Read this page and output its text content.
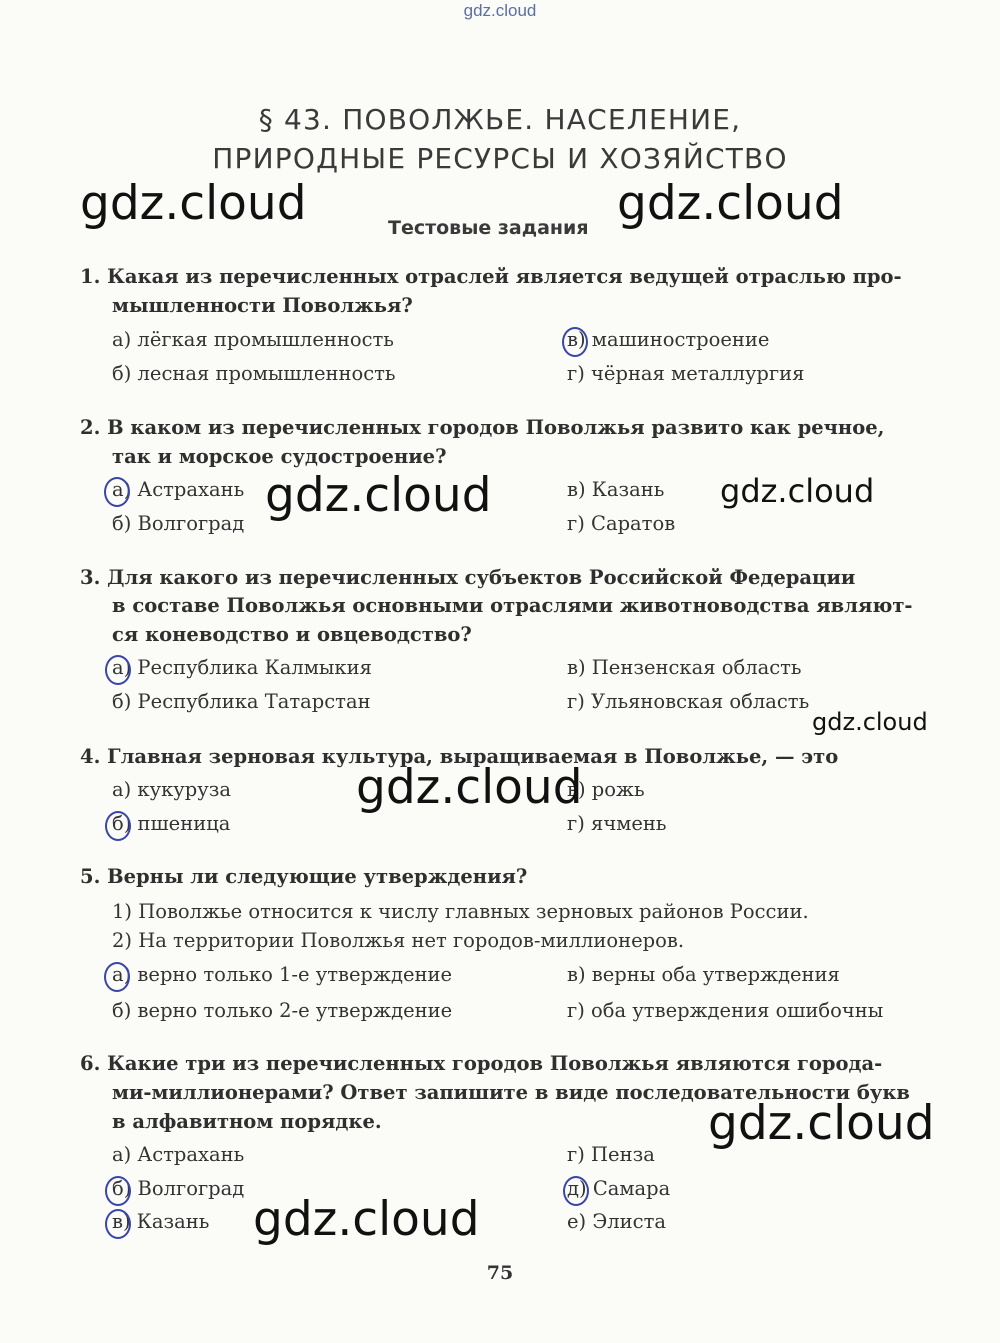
gdz.cloud
§ 43. ПОВОЛЖЬЕ. НАСЕЛЕНИЕ,
ПРИРОДНЫЕ РЕСУРСЫ И ХОЗЯЙСТВО
Тестовые задания
1. Какая из перечисленных отраслей является ведущей отраслью про-
мышленности Поволжья?
а) лёгкая промышленность	в) машиностроение
б) лесная промышленность	г) чёрная металлургия
2. В каком из перечисленных городов Поволжья развито как речное,
так и морское судостроение?
а) Астрахань	в) Казань
б) Волгоград	г) Саратов
3. Для какого из перечисленных субъектов Российской Федерации
в составе Поволжья основными отраслями животноводства являют-
ся коневодство и овцеводство?
а) Республика Калмыкия	в) Пензенская область
б) Республика Татарстан	г) Ульяновская область
4. Главная зерновая культура, выращиваемая в Поволжье, — это
а) кукуруза	в) рожь
б) пшеница	г) ячмень
5. Верны ли следующие утверждения?
1) Поволжье относится к числу главных зерновых районов России.
2) На территории Поволжья нет городов-миллионеров.
а) верно только 1-е утверждение	в) верны оба утверждения
б) верно только 2-е утверждение	г) оба утверждения ошибочны
6. Какие три из перечисленных городов Поволжья являются города-
ми-миллионерами? Ответ запишите в виде последовательности букв
в алфавитном порядке.
а) Астрахань	г) Пенза
б) Волгоград	д) Самара
в) Казань	е) Элиста
75
gdz.cloud	gdz.cloud
gdz.cloud	gdz.cloud
gdz.cloud
gdz.cloud
gdz.cloud
gdz.cloud
